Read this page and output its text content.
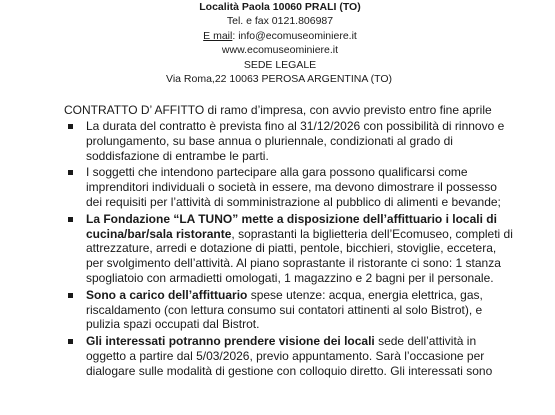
Località Paola 10060 PRALI (TO)
Tel. e fax 0121.806987
E mail: info@ecomuseominiere.it
www.ecomuseominiere.it
SEDE LEGALE
Via Roma,22 10063 PEROSA ARGENTINA (TO)
CONTRATTO D’ AFFITTO di ramo d’impresa, con avvio previsto entro fine aprile
La durata del contratto è prevista fino al 31/12/2026 con possibilità di rinnovo e prolungamento, su base annua o pluriennale, condizionati al grado di soddisfazione di entrambe le parti.
I soggetti che intendono partecipare alla gara possono qualificarsi come imprenditori individuali o società in essere, ma devono dimostrare il possesso dei requisiti per l’attività di somministrazione al pubblico di alimenti e bevande;
La Fondazione “LA TUNO” mette a disposizione dell’affittuario i locali di cucina/bar/sala ristorante, soprastanti la biglietteria dell’Ecomuseo, completi di attrezzature, arredi e dotazione di piatti, pentole, bicchieri, stoviglie, eccetera, per svolgimento dell’attività. Al piano soprastante il ristorante ci sono: 1 stanza spogliatoio con armadietti omologati, 1 magazzino e 2 bagni per il personale.
Sono a carico dell’affittuario spese utenze: acqua, energia elettrica, gas, riscaldamento (con lettura consumo sui contatori attinenti al solo Bistrot), e pulizia spazi occupati dal Bistrot.
Gli interessati potranno prendere visione dei locali sede dell’attività in oggetto a partire dal 5/03/2026, previo appuntamento. Sarà l’occasione per dialogare sulle modalità di gestione con colloquio diretto. Gli interessati sono
